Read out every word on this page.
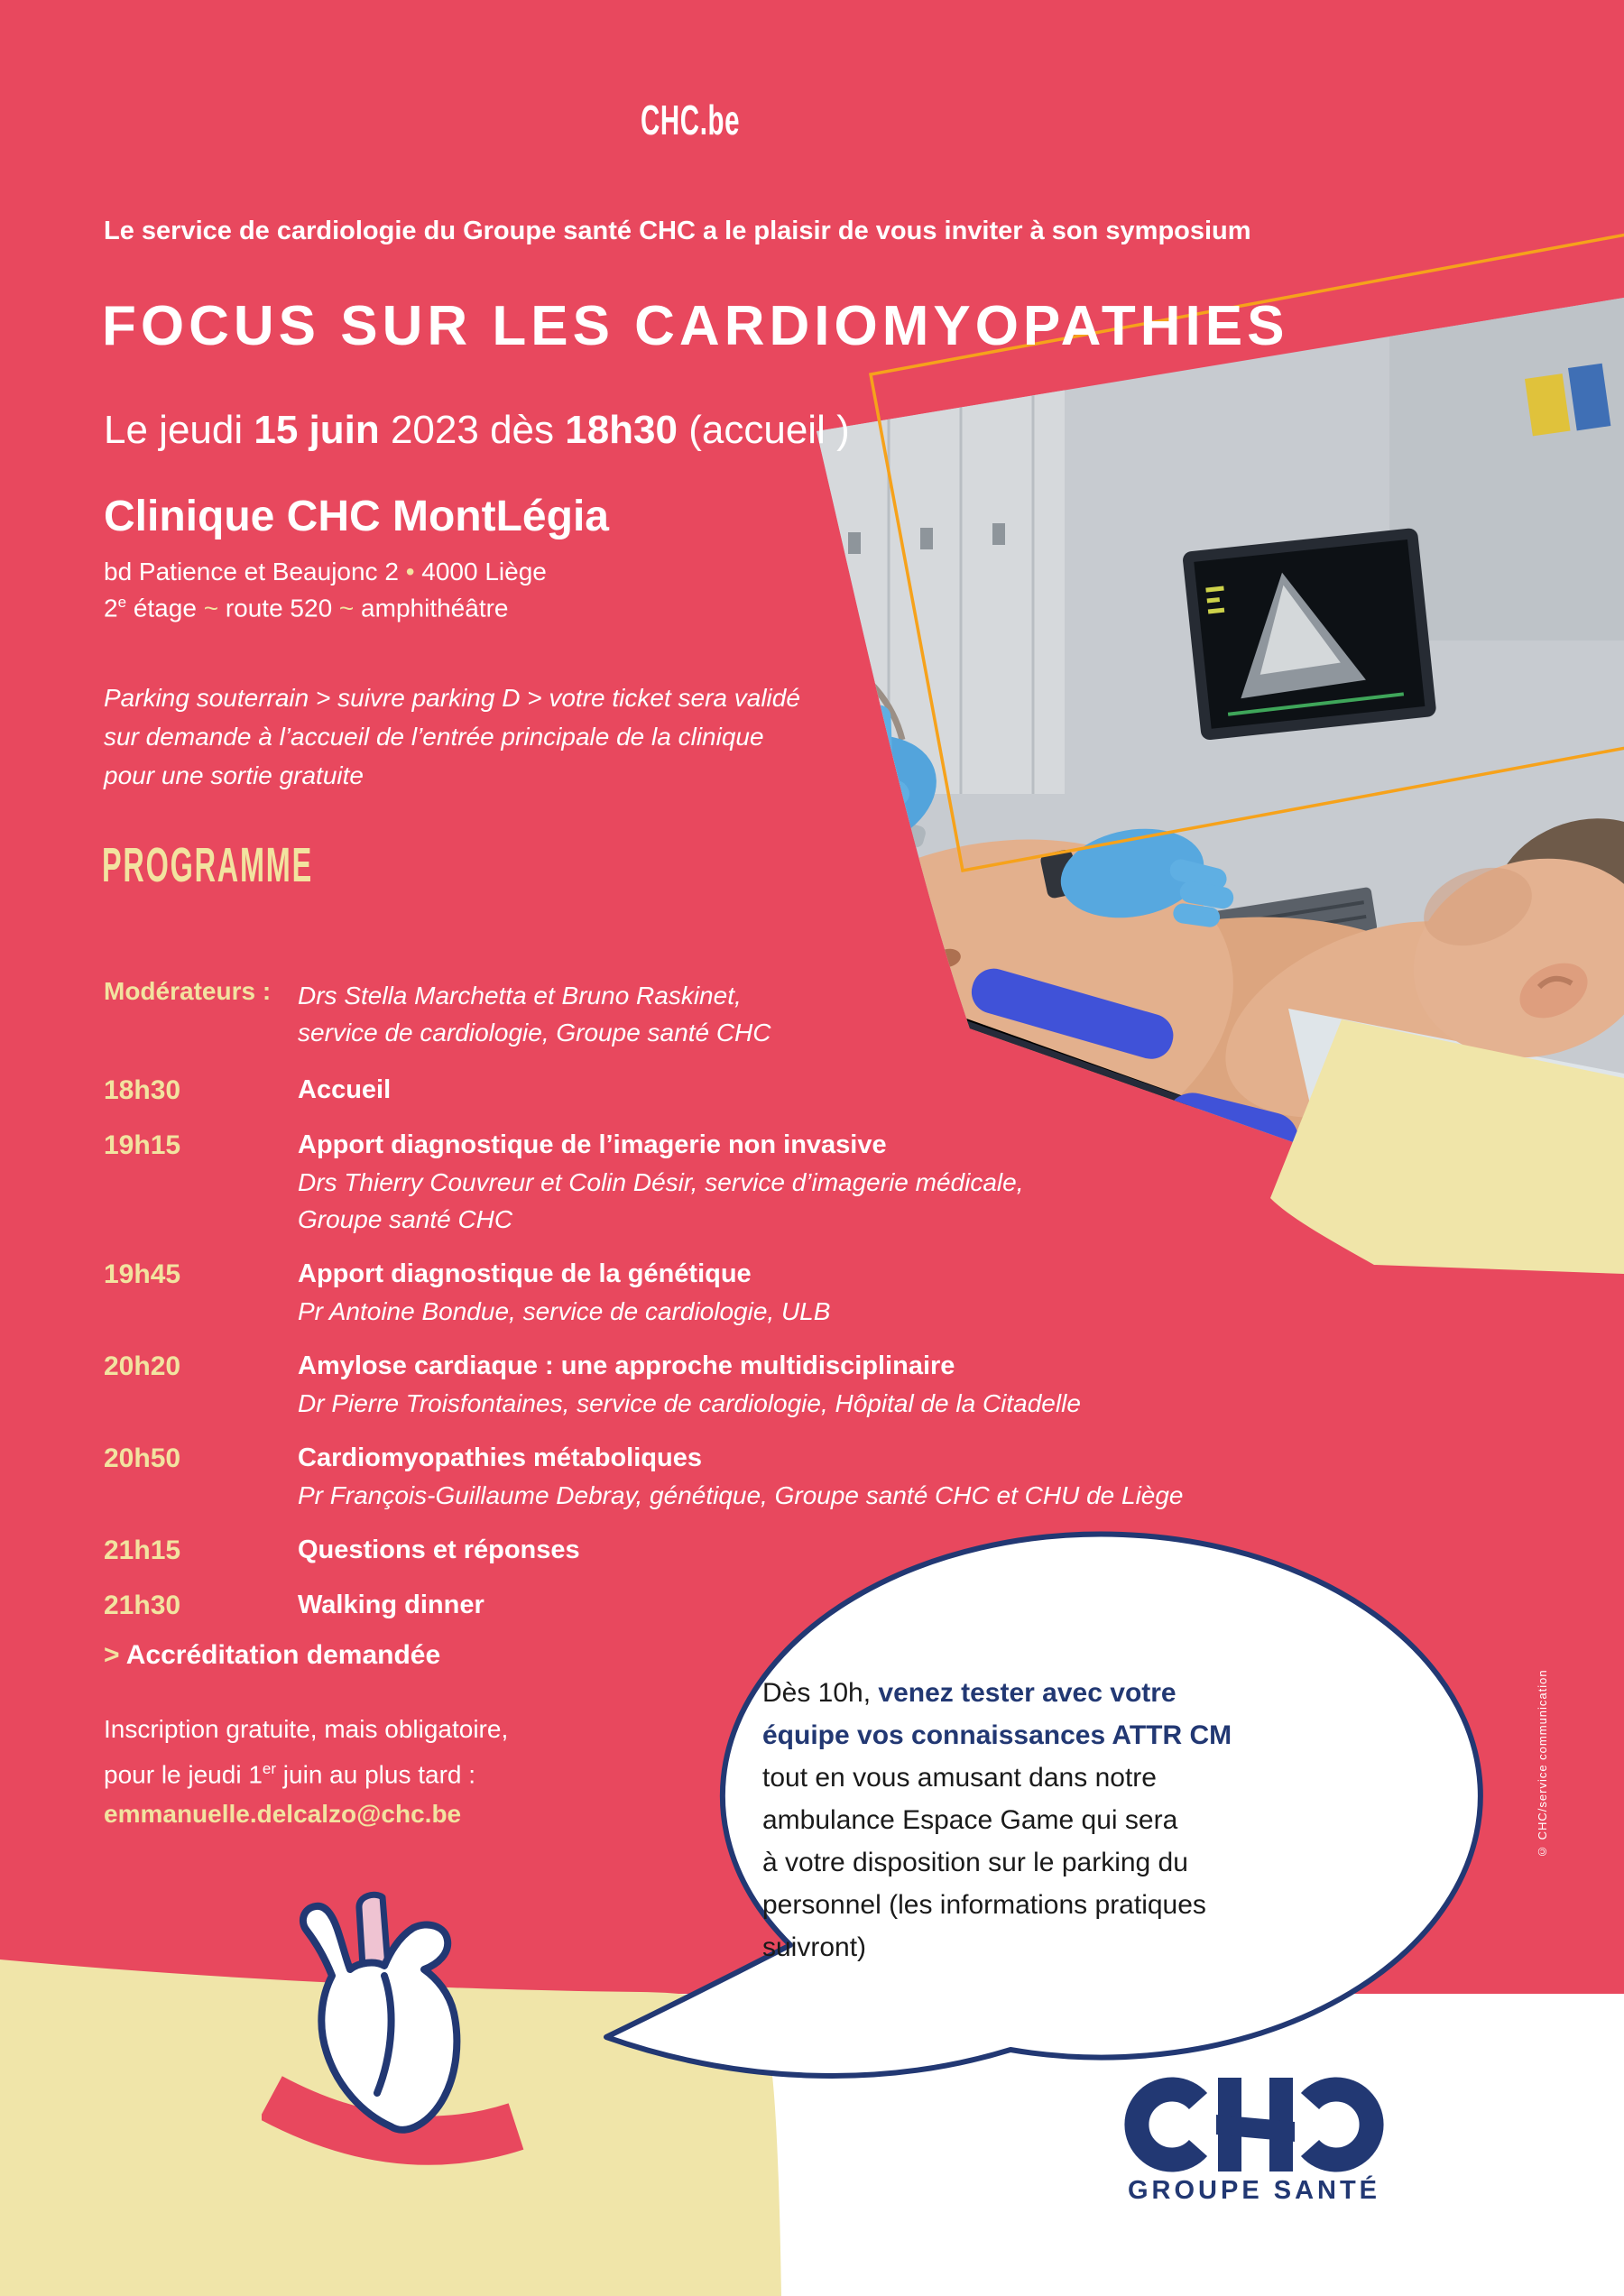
Dès 10h, venez tester avec votre
équipe vos connaissances ATTR CM
tout en vous amusant dans notre
ambulance Espace Game qui sera
à votre disposition sur le parking du
personnel (les informations pratiques
suivront)
CHC.be
Le service de cardiologie du Groupe santé CHC a le plaisir de vous inviter à son symposium
FOCUS SUR LES CARDIOMYOPATHIES
Le jeudi 15 juin 2023 dès 18h30 (accueil )
Clinique CHC MontLégia
bd Patience et Beaujonc 2 • 4000 Liège
2e étage ~ route 520 ~ amphithéâtre
Parking souterrain > suivre parking D > votre ticket sera validé
sur demande à l’accueil de l’entrée principale de la clinique
pour une sortie gratuite
PROGRAMME
Modérateurs :	Drs Stella Marchetta et Bruno Raskinet,
service de cardiologie, Groupe santé CHC
18h30	Accueil
19h15	Apport diagnostique de l’imagerie non invasive
Drs Thierry Couvreur et Colin Désir, service d’imagerie médicale,
Groupe santé CHC
19h45	Apport diagnostique de la génétique
Pr Antoine Bondue, service de cardiologie, ULB
20h20	Amylose cardiaque : une approche multidisciplinaire
Dr Pierre Troisfontaines, service de cardiologie, Hôpital de la Citadelle
20h50	Cardiomyopathies métaboliques
Pr François-Guillaume Debray, génétique, Groupe santé CHC et CHU de Liège
21h15	Questions et réponses
21h30	Walking dinner
> Accréditation demandée
Inscription gratuite, mais obligatoire,
pour le jeudi 1er juin au plus tard :
emmanuelle.delcalzo@chc.be
GROUPE SANTÉ
© CHC/service communication
